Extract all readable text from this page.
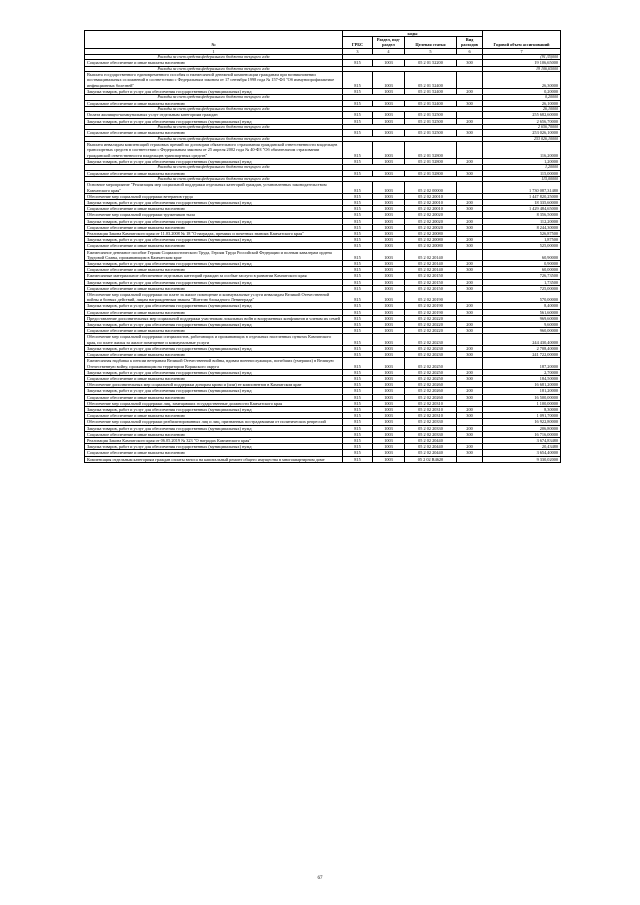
№	коды				Годовой объем ассигнований
	ГРБС	Раздел, под- раздел	Целевая статья	Вид расходов	
1	3	4	5	6	7
Расходы за счет средств федерального бюджета текущего года					(91,35)000
Социальное обеспечение и иные выплаты населению	815	1003	05 2 01 52200	300	19 106,65000
Расходы за счет средств федерального бюджета текущего года					19 106,65000
Выплата государственного единовременного пособия и ежемесячной денежной компенсации гражданам при возникновении поствакцинальных осложнений в соответствии с Федеральным законом от 17 сентября 1998 года № 157-ФЗ "Об иммунопрофилактике инфекционных болезней"	815	1003	05 2 01 52400		26,30000
Закупка товаров, работ и услуг для обеспечения государственных (муниципальных) нужд	815	1003	05 2 01 52400	200	0,20000
Расходы за счет средств федерального бюджета текущего года					0,20000
Социальное обеспечение и иные выплаты населению	815	1003	05 2 01 52400	300	26,10000
Расходы за счет средств федерального бюджета текущего года					26,10000
Оплата жилищно-коммунальных услуг отдельным категориям граждан	815	1003	05 2 01 52500		255 682,60000
Закупка товаров, работ и услуг для обеспечения государственных (муниципальных) нужд	815	1003	05 2 01 52500	200	2 656,70000
Расходы за счет средств федерального бюджета текущего года					2 656,70000
Социальное обеспечение и иные выплаты населению	815	1003	05 2 01 52500	300	253 026,10000
Расходы за счет средств федерального бюджета текущего года					253 026,10000
Выплата инвалидам компенсаций страховых премий по договорам обязательного страхования гражданской ответственности владельцев транспортных средств в соответствии с Федеральным законом от 25 апреля 2002 года № 40-ФЗ "Об обязательном страховании гражданской ответственности владельцев транспортных средств"	815	1003	05 2 01 52800		116,20000
Закупка товаров, работ и услуг для обеспечения государственных (муниципальных) нужд	815	1003	05 2 01 52800	200	1,20000
Расходы за счет средств федерального бюджета текущего года					1,20000
Социальное обеспечение и иные выплаты населению	815	1003	05 2 01 52800	300	115,00000
Расходы за счет средств федерального бюджета текущего года					115,00000
Основное мероприятие "Реализация мер социальной поддержки отдельных категорий граждан, установленных законодательством Камчатского края"	815	1003	05 2 02 00000		1 730 087,31480
Обеспечение мер социальной поддержки ветеранов труда	815	1003	05 2 02 20010		1 447 820,25000
Закупка товаров, работ и услуг для обеспечения государственных (муниципальных) нужд	815	1003	05 2 02 20010	200	18 335,60000
Социальное обеспечение и иные выплаты населению	815	1003	05 2 02 20010	300	1 429 484,65000
Обеспечение мер социальной поддержки тружеников тыла	815	1003	05 2 02 20020		8 356,50000
Закупка товаров, работ и услуг для обеспечения государственных (муниципальных) нужд	815	1003	05 2 02 20020	200	112,20000
Социальное обеспечение и иные выплаты населению	815	1003	05 2 02 20020	300	8 244,30000
Реализация Закона Камчатского края от 11.03.2008 № 18 "О наградах, премиях и почетных званиях Камчатского края"	815	1003	05 2 02 20080		526,87500
Закупка товаров, работ и услуг для обеспечения государственных (муниципальных) нужд	815	1003	05 2 02 20080	200	1,87500
Социальное обеспечение и иные выплаты населению	815	1003	05 2 02 20080	300	525,00000
Ежемесячное денежное пособие Героям Социалистического Труда, Героям Труда Российской Федерации и полным кавалерам ордена Трудовой Славы, проживающим в Камчатском крае	815	1003	05 2 02 20140		60,90000
Закупка товаров, работ и услуг для обеспечения государственных (муниципальных) нужд	815	1003	05 2 02 20140	200	0,90000
Социальное обеспечение и иные выплаты населению	815	1003	05 2 02 20140	300	60,00000
Ежемесячные материальное обеспечение отдельных категорий граждан за особые заслуги в развитии Камчатского края	815	1003	05 2 02 20150		726,73500
Закупка товаров, работ и услуг для обеспечения государственных (муниципальных) нужд	815	1003	05 2 02 20150	200	1,73500
Социальное обеспечение и иные выплаты населению	815	1003	05 2 02 20150	300	725,00000
Обеспечение мер социальной поддержки по плате за жилое помещение и коммунальные услуги инвалидам Великой Отечественной войны и боевых действий, лицам награжденным знаком "Жителю блокадного Ленинграда"	815	1003	05 2 02 20190		570,00000
Закупка товаров, работ и услуг для обеспечения государственных (муниципальных) нужд	815	1003	05 2 02 20190	200	8,40000
Социальное обеспечение и иные выплаты населению	815	1003	05 2 02 20190	300	561,60000
Предоставление дополнительных мер социальной поддержки участникам локальных войн и вооруженных конфликтов и членам их семей	815	1003	05 2 02 20220		969,60000
Закупка товаров, работ и услуг для обеспечения государственных (муниципальных) нужд	815	1003	05 2 02 20220	200	9,60000
Социальное обеспечение и иные выплаты населению	815	1003	05 2 02 20220	300	960,00000
Обеспечение мер социальной поддержки специалистов, работающих и проживающих в отдельных населенных пунктах Камчатского края, по плате жилья за жилое помещение и коммунальные услуги	815	1003	05 2 02 20230		244 430,40000
Закупка товаров, работ и услуг для обеспечения государственных (муниципальных) нужд	815	1003	05 2 02 20230	200	2 708,40000
Социальное обеспечение и иные выплаты населению	815	1003	05 2 02 20230	300	241 722,00000
Ежемесячная надбавка к пенсии ветеранам Великой Отечественной войны, вдовам военнослужащих, погибших (умерших) в Великую Отечественную войну, проживающим на территории Корякского округа	815	1003	05 2 02 20250		187,20000
Закупка товаров, работ и услуг для обеспечения государственных (муниципальных) нужд	815	1003	05 2 02 20250	200	2,70000
Социальное обеспечение и иные выплаты населению	815	1003	05 2 02 20250	300	184,50000
Обеспечение дополнительных мер социальной поддержки донорам крови и (или) ее компонентов в Камчатском крае	815	1003	05 2 02 20260		16 681,20000
Закупка товаров, работ и услуг для обеспечения государственных (муниципальных) нужд	815	1003	05 2 02 20260	200	181,20000
Социальное обеспечение и иные выплаты населению	815	1003	05 2 02 20260	300	16 500,00000
Обеспечение мер социальной поддержки лиц, замещавших государственные должности Камчатского края	815	1003	05 2 02 20310		1 100,00000
Закупка товаров, работ и услуг для обеспечения государственных (муниципальных) нужд	815	1003	05 2 02 20310	200	8,30000
Социальное обеспечение и иные выплаты населению	815	1003	05 2 02 20310	300	1 091,70000
Обеспечение мер социальной поддержки реабилитированных лиц и лиц, признанных пострадавшими от политических репрессий	815	1003	05 2 02 20330		16 922,80000
Закупка товаров, работ и услуг для обеспечения государственных (муниципальных) нужд	815	1003	05 2 02 20330	200	206,80000
Социальное обеспечение и иные выплаты населению	815	1003	05 2 02 20330	300	16 716,00000
Реализация Закона Камчатского края от 06.05.2019 № 323 "О наградах Камчатского края"	815	1003	05 2 02 20440		3 674,83480
Закупка товаров, работ и услуг для обеспечения государственных (муниципальных) нужд	815	1003	05 2 02 20440	200	20,43480
Социальное обеспечение и иные выплаты населению	815	1003	05 2 02 20440	300	3 654,40000
Компенсация отдельным категориям граждан оплаты взноса на капитальный ремонт общего имущества в многоквартирном доме	815	1003	05 2 02 R4620		9 330,02000
67
